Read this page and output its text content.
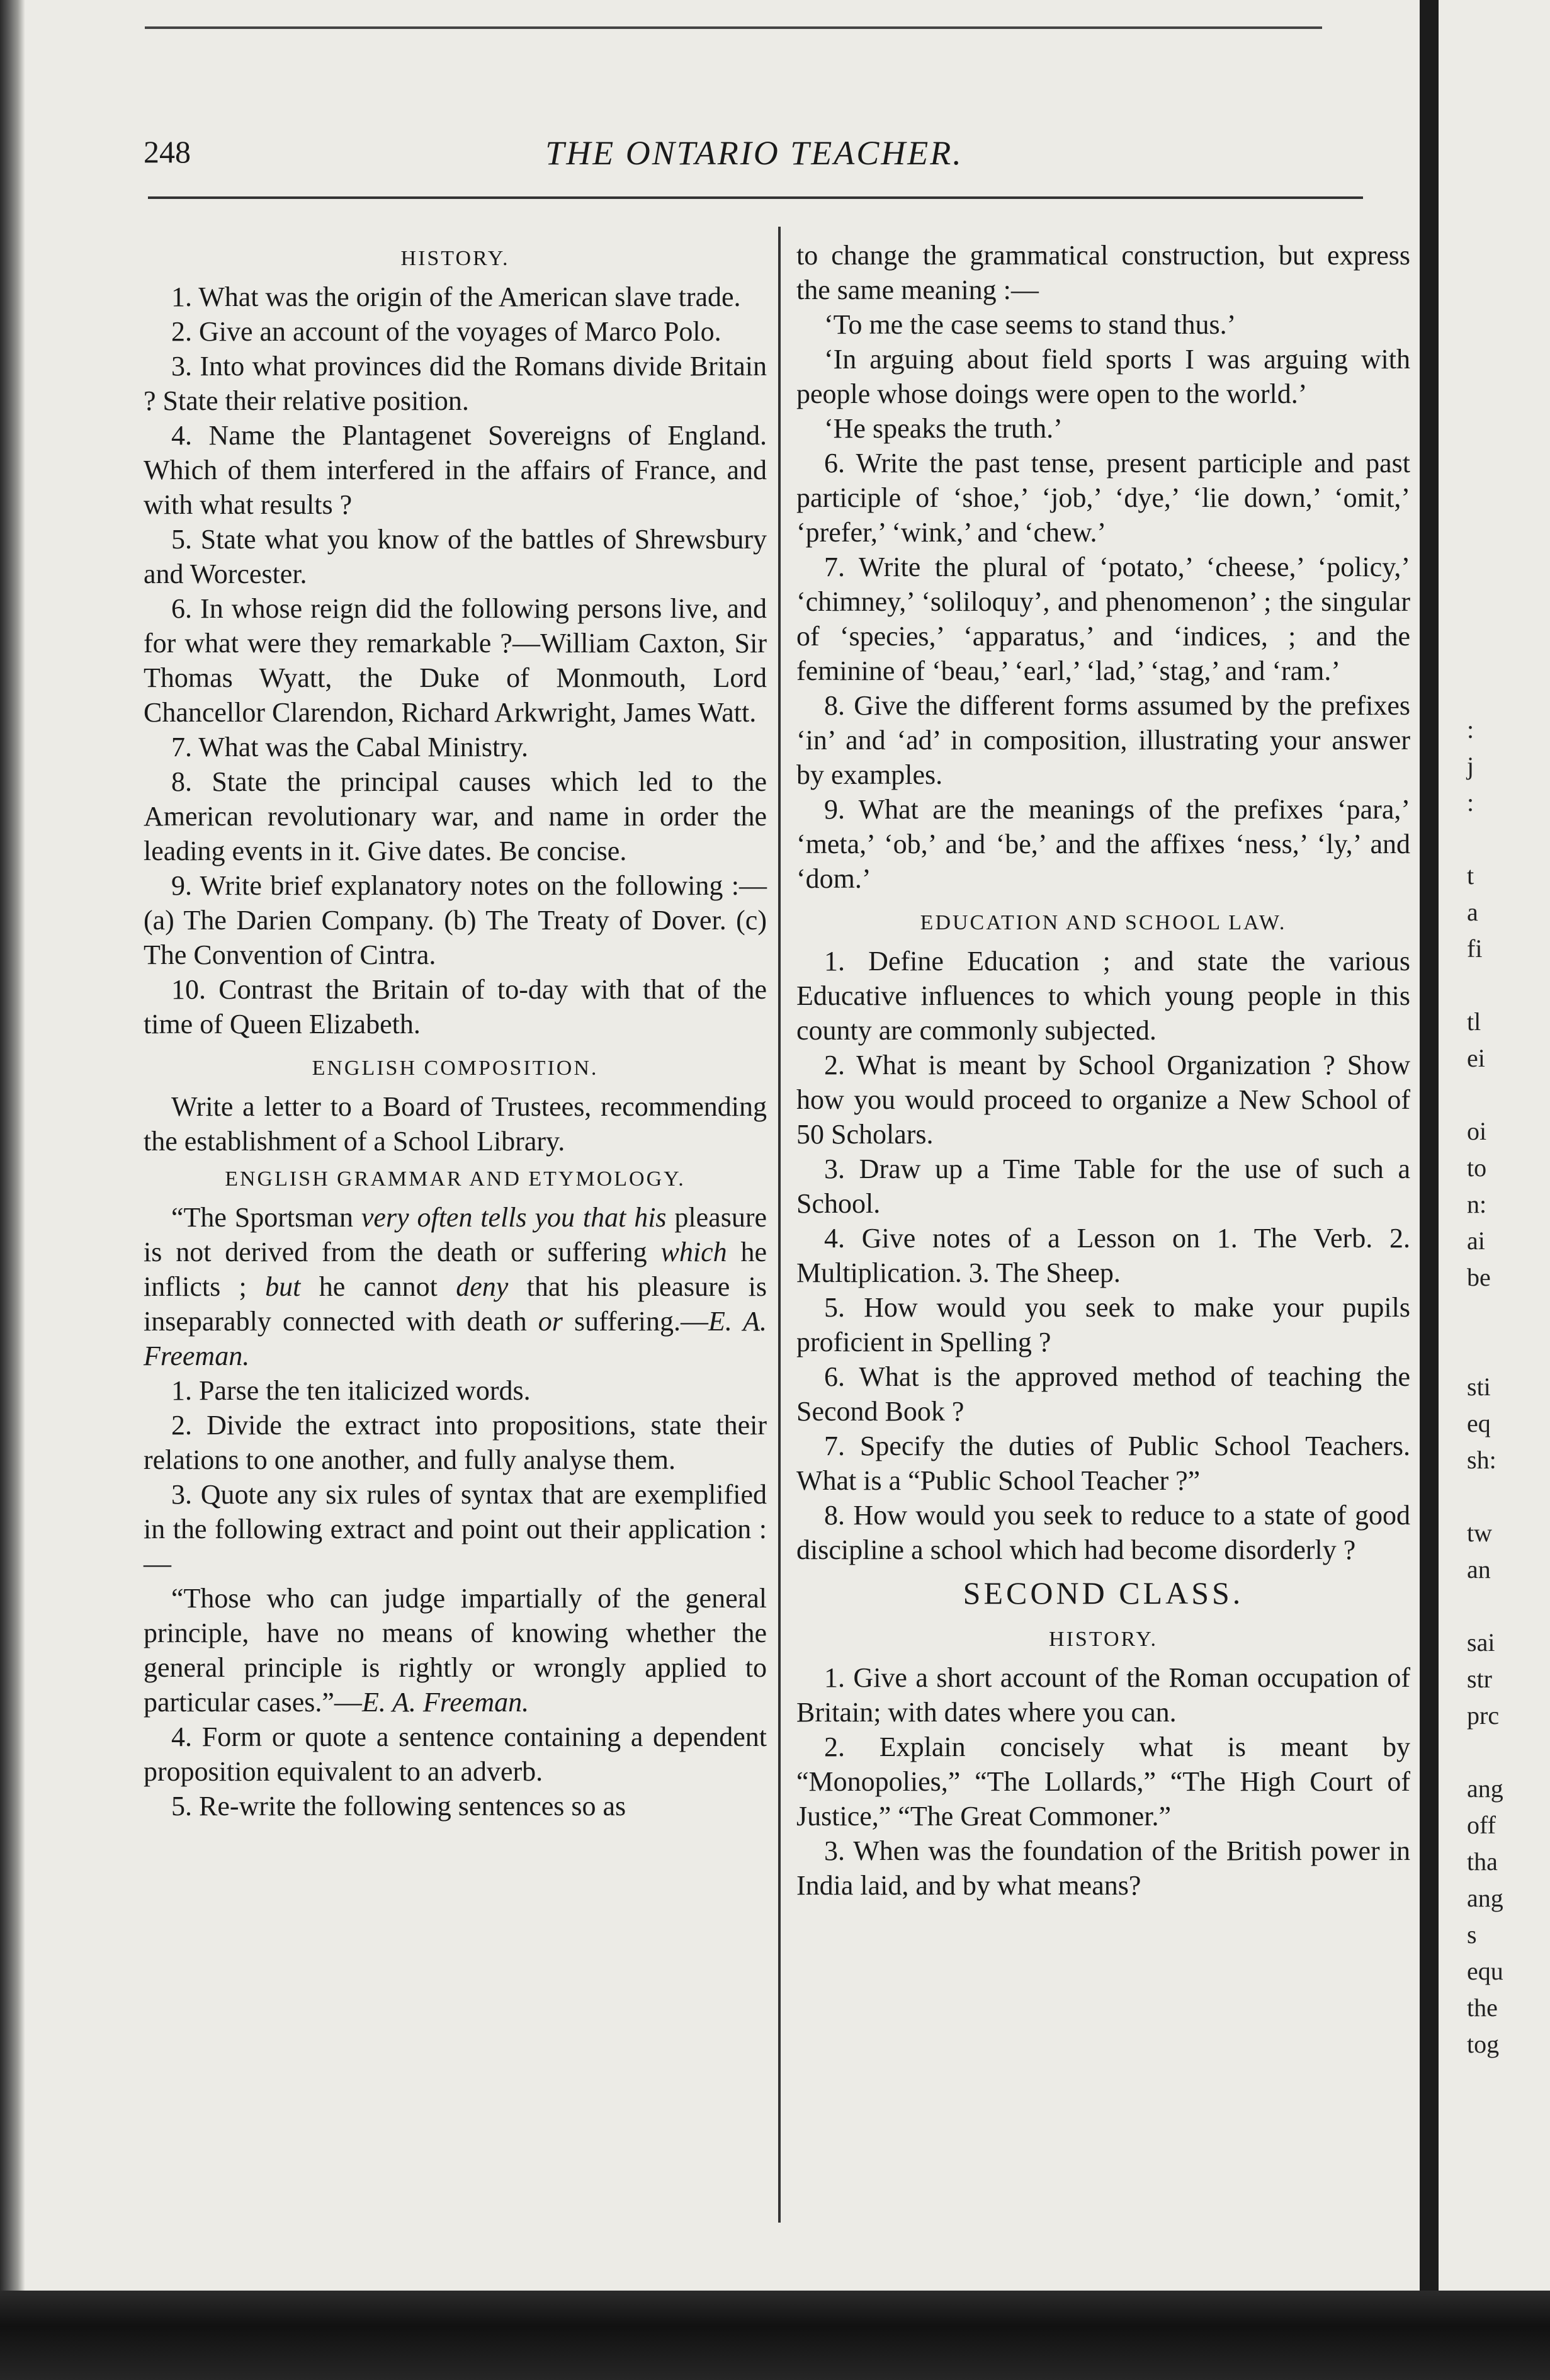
248	THE ONTARIO TEACHER.
HISTORY.

1. What was the origin of the American slave trade.

2. Give an account of the voyages of Marco Polo.

3. Into what provinces did the Romans divide Britain ? State their relative position.

4. Name the Plantagenet Sovereigns of England. Which of them interfered in the affairs of France, and with what results ?

5. State what you know of the battles of Shrewsbury and Worcester.

6. In whose reign did the following persons live, and for what were they remarkable ?—William Caxton, Sir Thomas Wyatt, the Duke of Monmouth, Lord Chancellor Clarendon, Richard Arkwright, James Watt.

7. What was the Cabal Ministry.

8. State the principal causes which led to the American revolutionary war, and name in order the leading events in it. Give dates. Be concise.

9. Write brief explanatory notes on the following :—(a) The Darien Company. (b) The Treaty of Dover. (c) The Convention of Cintra.

10. Contrast the Britain of to-day with that of the time of Queen Elizabeth.

ENGLISH COMPOSITION.

Write a letter to a Board of Trustees, recommending the establishment of a School Library.

ENGLISH GRAMMAR AND ETYMOLOGY.

“The Sportsman very often tells you that his pleasure is not derived from the death or suffering which he inflicts ; but he cannot deny that his pleasure is inseparably connected with death or suffering.—E. A. Freeman.

1. Parse the ten italicized words.

2. Divide the extract into propositions, state their relations to one another, and fully analyse them.

3. Quote any six rules of syntax that are exemplified in the following extract and point out their application :—

“Those who can judge impartially of the general principle, have no means of knowing whether the general principle is rightly or wrongly applied to particular cases.”—E. A. Freeman.

4. Form or quote a sentence containing a dependent proposition equivalent to an adverb.

5. Re-write the following sentences so as

to change the grammatical construction, but express the same meaning :—

‘To me the case seems to stand thus.’

‘In arguing about field sports I was arguing with people whose doings were open to the world.’

‘He speaks the truth.’

6. Write the past tense, present participle and past participle of ‘shoe,’ ‘job,’ ‘dye,’ ‘lie down,’ ‘omit,’ ‘prefer,’ ‘wink,’ and ‘chew.’

7. Write the plural of ‘potato,’ ‘cheese,’ ‘policy,’ ‘chimney,’ ‘soliloquy’, and phenomenon’ ; the singular of ‘species,’ ‘apparatus,’ and ‘indices, ; and the feminine of ‘beau,’ ‘earl,’ ‘lad,’ ‘stag,’ and ‘ram.’

8. Give the different forms assumed by the prefixes ‘in’ and ‘ad’ in composition, illustrating your answer by examples.

9. What are the meanings of the prefixes ‘para,’ ‘meta,’ ‘ob,’ and ‘be,’ and the affixes ‘ness,’ ‘ly,’ and ‘dom.’

EDUCATION AND SCHOOL LAW.

1. Define Education ; and state the various Educative influences to which young people in this county are commonly subjected.

2. What is meant by School Organization ? Show how you would proceed to organize a New School of 50 Scholars.

3. Draw up a Time Table for the use of such a School.

4. Give notes of a Lesson on 1. The Verb. 2. Multiplication. 3. The Sheep.

5. How would you seek to make your pupils proficient in Spelling ?

6. What is the approved method of teaching the Second Book ?

7. Specify the duties of Public School Teachers. What is a “Public School Teacher ?”

8. How would you seek to reduce to a state of good discipline a school which had become disorderly ?

SECOND CLASS.
HISTORY.

1. Give a short account of the Roman occupation of Britain; with dates where you can.

2. Explain concisely what is meant by “Monopolies,” “The Lollards,” “The High Court of Justice,” “The Great Commoner.”

3. When was the foundation of the British power in India laid, and by what means?

:
j
:
t
a
fi
tl
ei
oi
to
n:
ai
be
sti
eq
sh:
tw
an
sai
str
prc
ang
off
tha
ang
s
equ
the
tog
